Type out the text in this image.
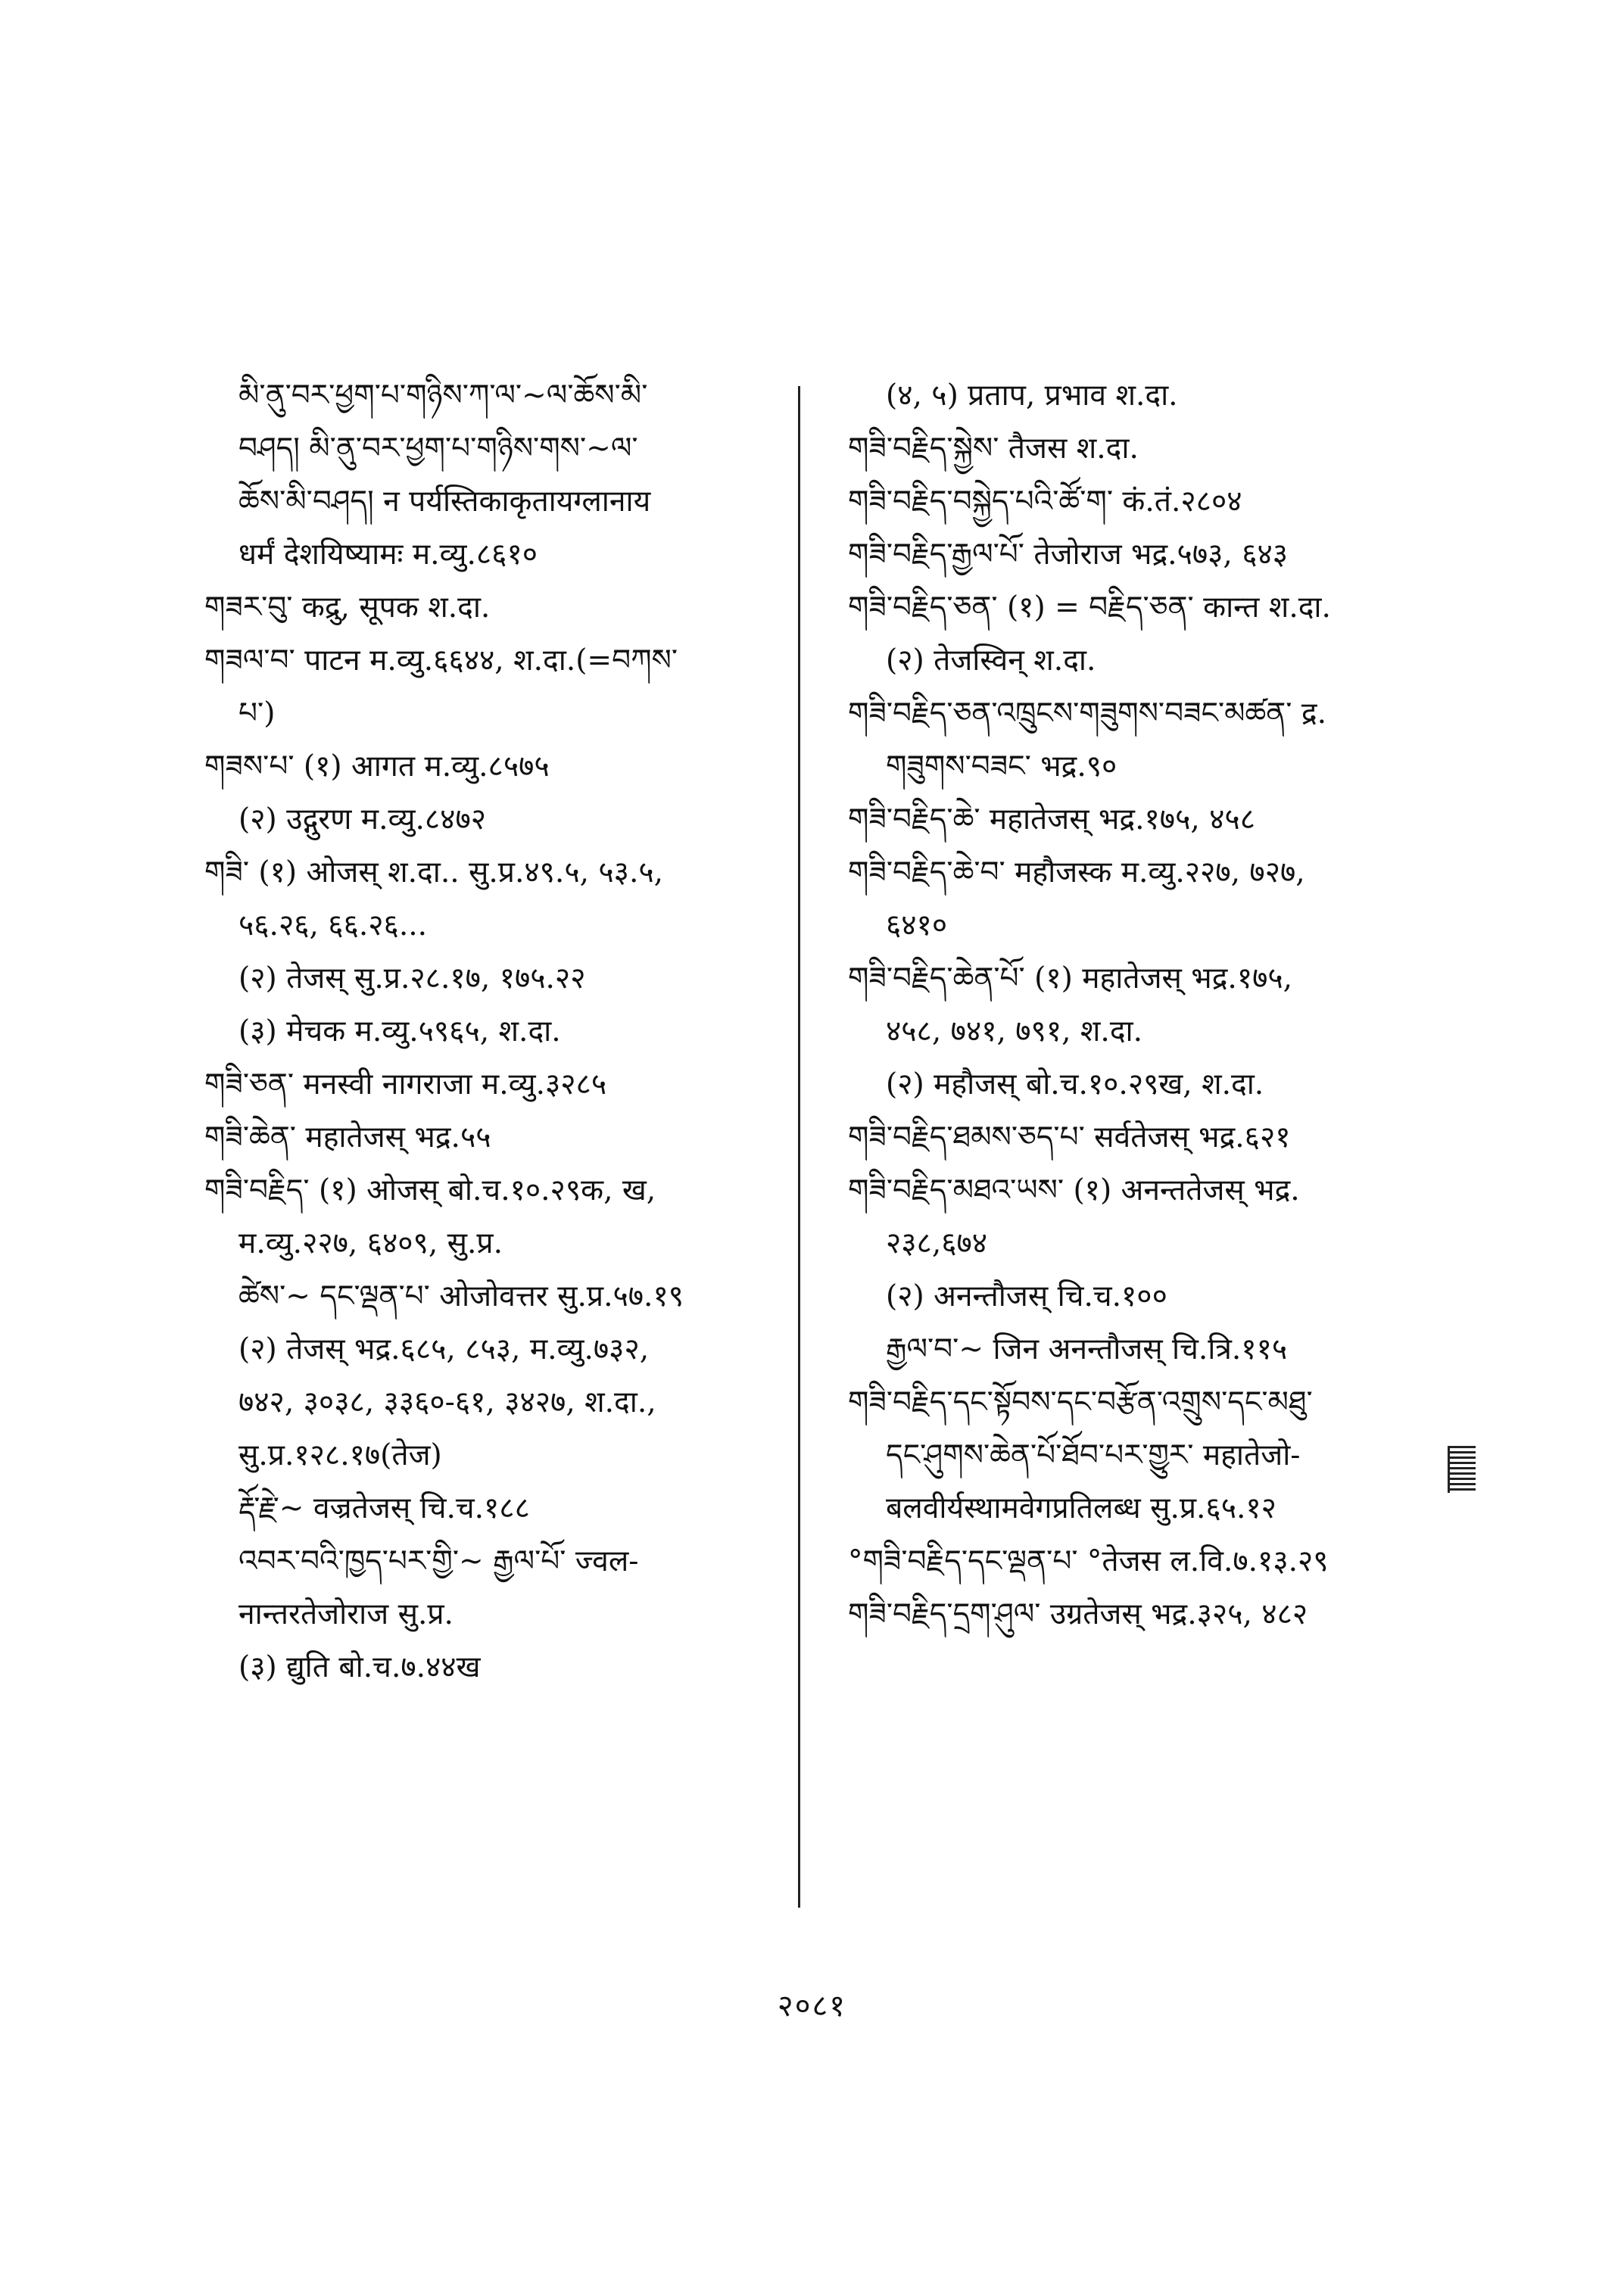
མི་ནུ་བར་ཕྱག་པ་གཉིས་ཀ་ལ་~ལ་ཆོས་མི་

བཤད། མི་ནུ་བར་ཕྱག་པ་གཉིས་གས་~ལ་

ཆོས་མི་བཤད། न पर्यस्तिकाकृतायग्लानाय

धर्मं देशयिष्यामः म.व्यु.८६१०

གཟར་བུ་ कद्रु, सूपक श.दा.

གཟལ་བ་ पाटन म.व्यु.६६४४, श.दा.(=བཀས་

པ་)

གཟས་པ་ (१) आगत म.व्यु.८५७५

(२) उद्गुरण म.व्यु.८४७२

གཟི་ (१) ओजस् श.दा.. सु.प्र.४९.५, ५३.५,

५६.२६, ६६.२६...

(२) तेजस् सु.प्र.२८.१७, १७५.२२

(३) मेचक म.व्यु.५९६५, श.दा.

གཟི་ཅན་ मनस्वी नागराजा म.व्यु.३२८५

གཟི་ཆེན་ महातेजस् भद्र.५५

གཟི་བརྗིད་ (१) ओजस् बो.च.१०.२९क, ख,

म.व्यु.२२७, ६४०९, सु.प्र.

ཚེས་~ དང་ལྡན་པ་ ओजोवत्तर सु.प्र.५७.१९

(२) तेजस् भद्र.६८५, ८५३, म.व्यु.७३२,

७४२, ३०३८, ३३६०-६१, ३४२७, श.दा.,

सु.प्र.१२८.१७(तेज)

རྡོ་རྗེ་~ वज्रतेजस् चि.च.१८८

འབར་བའི་ཁྱད་པར་གྱི་~ རྒྱལ་པོ་ ज्वल-

नान्तरतेजोराज सु.प्र.

(३) द्युति बो.च.७.४४ख

(४, ५) प्रताप, प्रभाव श.दा.

གཟི་བརྗིད་སྐྱེས་ तैजस श.दा.

གཟི་བརྗིད་བསྐྱེད་པའི་ཚོ་ག་ कं.तं.२८०४

གཟི་བརྗིད་རྒྱལ་པོ་ तेजोराज भद्र.५७३, ६४३

གཟི་བརྗིད་ཅན་ (१) = བརྗིད་ཅན་ कान्त श.दा.

(२) तेजस्विन् श.दा.

གཟི་བརྗིད་ཅན་འཁྲུངས་གཟུགས་བཟང་མཚན་ द्र.

གཟུགས་བཟང་ भद्र.९०

གཟི་བརྗིད་ཆེ་ महातेजस् भद्र.१७५, ४५८

གཟི་བརྗིད་ཆེ་བ་ महौजस्क म.व्यु.२२७, ७२७,

६४१०

གཟི་བརྗིད་ཆེན་པོ་ (१) महातेजस् भद्र.१७५,

४५८, ७४१, ७९१, श.दा.

(२) महौजस् बो.च.१०.२९ख, श.दा.

གཟི་བརྗིད་ཐམས་ཅད་པ་ सर्वतेजस् भद्र.६२१

གཟི་བརྗིད་མཐའ་ཡས་ (१) अनन्ततेजस् भद्र.

२३८,६७४

(२) अनन्तौजस् चि.च.१००

རྒྱལ་བ་~ जिन अनन्तौजस् चि.त्रि.११५

གཟི་བརྗིད་དང་སྟོབས་དང་བརྩོན་འགྲུས་དང་མཐུ་

དང་ཤུགས་ཆེན་པོ་ཐོབ་པར་གྱུར་ महातेजो-

बलवीर्यस्थामवेगप्रतिलब्ध सु.प्र.६५.१२

°གཟི་བརྗིད་དང་ལྡན་པ་ °तेजस ल.वि.७.१३.२९

གཟི་བརྗིད་དྲག་ཤུལ་ उग्रतेजस् भद्र.३२५, ४८२

२०८१
